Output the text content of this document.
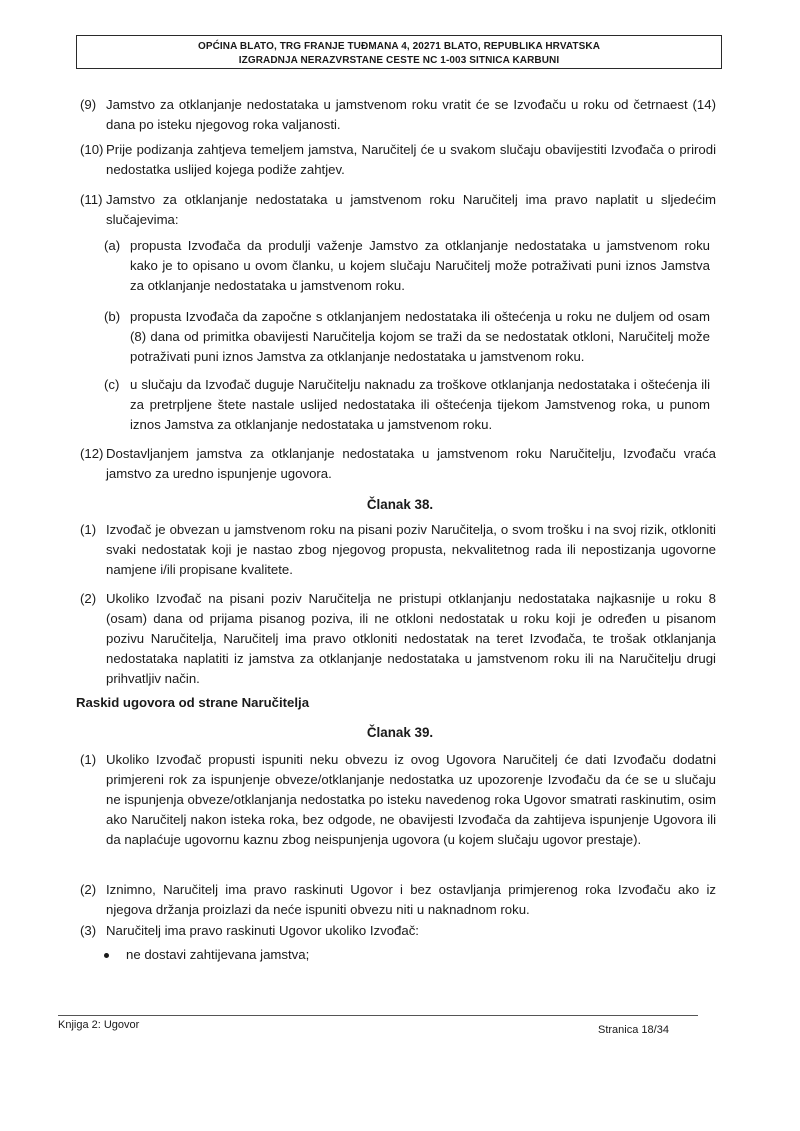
OPĆINA BLATO, TRG FRANJE TUĐMANA 4, 20271 BLATO, REPUBLIKA HRVATSKA
IZGRADNJA NERAZVRSTANE CESTE NC 1-003 SITNICA KARBUNI
(9) Jamstvo za otklanjanje nedostataka u jamstvenom roku vratit će se Izvođaču u roku od četrnaest (14) dana po isteku njegovog roka valjanosti.
(10) Prije podizanja zahtjeva temeljem jamstva, Naručitelj će u svakom slučaju obavijestiti Izvođača o prirodi nedostatka uslijed kojega podiže zahtjev.
(11) Jamstvo za otklanjanje nedostataka u jamstvenom roku Naručitelj ima pravo naplatit u sljedećim slučajevima:
(a) propusta Izvođača da produlji važenje Jamstvo za otklanjanje nedostataka u jamstvenom roku kako je to opisano u ovom članku, u kojem slučaju Naručitelj može potraživati puni iznos Jamstva za otklanjanje nedostataka u jamstvenom roku.
(b) propusta Izvođača da započne s otklanjanjem nedostataka ili oštećenja u roku ne duljem od osam (8) dana od primitka obavijesti Naručitelja kojom se traži da se nedostatak otkloni, Naručitelj može potraživati puni iznos Jamstva za otklanjanje nedostataka u jamstvenom roku.
(c) u slučaju da Izvođač duguje Naručitelju naknadu za troškove otklanjanja nedostataka i oštećenja ili za pretrpljene štete nastale uslijed nedostataka ili oštećenja tijekom Jamstvenog roka, u punom iznos Jamstva za otklanjanje nedostataka u jamstvenom roku.
(12) Dostavljanjem jamstva za otklanjanje nedostataka u jamstvenom roku Naručitelju, Izvođaču vraća jamstvo za uredno ispunjenje ugovora.
Članak 38.
(1) Izvođač je obvezan u jamstvenom roku na pisani poziv Naručitelja, o svom trošku i na svoj rizik, otkloniti svaki nedostatak koji je nastao zbog njegovog propusta, nekvalitetnog rada ili nepostizanja ugovorne namjene i/ili propisane kvalitete.
(2) Ukoliko Izvođač na pisani poziv Naručitelja ne pristupi otklanjanju nedostataka najkasnije u roku 8 (osam) dana od prijama pisanog poziva, ili ne otkloni nedostatak u roku koji je određen u pisanom pozivu Naručitelja, Naručitelj ima pravo otkloniti nedostatak na teret Izvođača, te trošak otklanjanja nedostataka naplatiti iz jamstva za otklanjanje nedostataka u jamstvenom roku ili na Naručitelju drugi prihvatljiv način.
Raskid ugovora od strane Naručitelja
Članak 39.
(1) Ukoliko Izvođač propusti ispuniti neku obvezu iz ovog Ugovora Naručitelj će dati Izvođaču dodatni primjereni rok za ispunjenje obveze/otklanjanje nedostatka uz upozorenje Izvođaču da će se u slučaju ne ispunjenja obveze/otklanjanja nedostatka po isteku navedenog roka Ugovor smatrati raskinutim, osim ako Naručitelj nakon isteka roka, bez odgode, ne obavijesti Izvođača da zahtijeva ispunjenje Ugovora ili da naplaćuje ugovornu kaznu zbog neispunjenja ugovora (u kojem slučaju ugovor prestaje).
(2) Iznimno, Naručitelj ima pravo raskinuti Ugovor i bez ostavljanja primjerenog roka Izvođaču ako iz njegova držanja proizlazi da neće ispuniti obvezu niti u naknadnom roku.
(3) Naručitelj ima pravo raskinuti Ugovor ukoliko Izvođač:
ne dostavi zahtijevana jamstva;
Knjiga 2: Ugovor	Stranica 18/34
